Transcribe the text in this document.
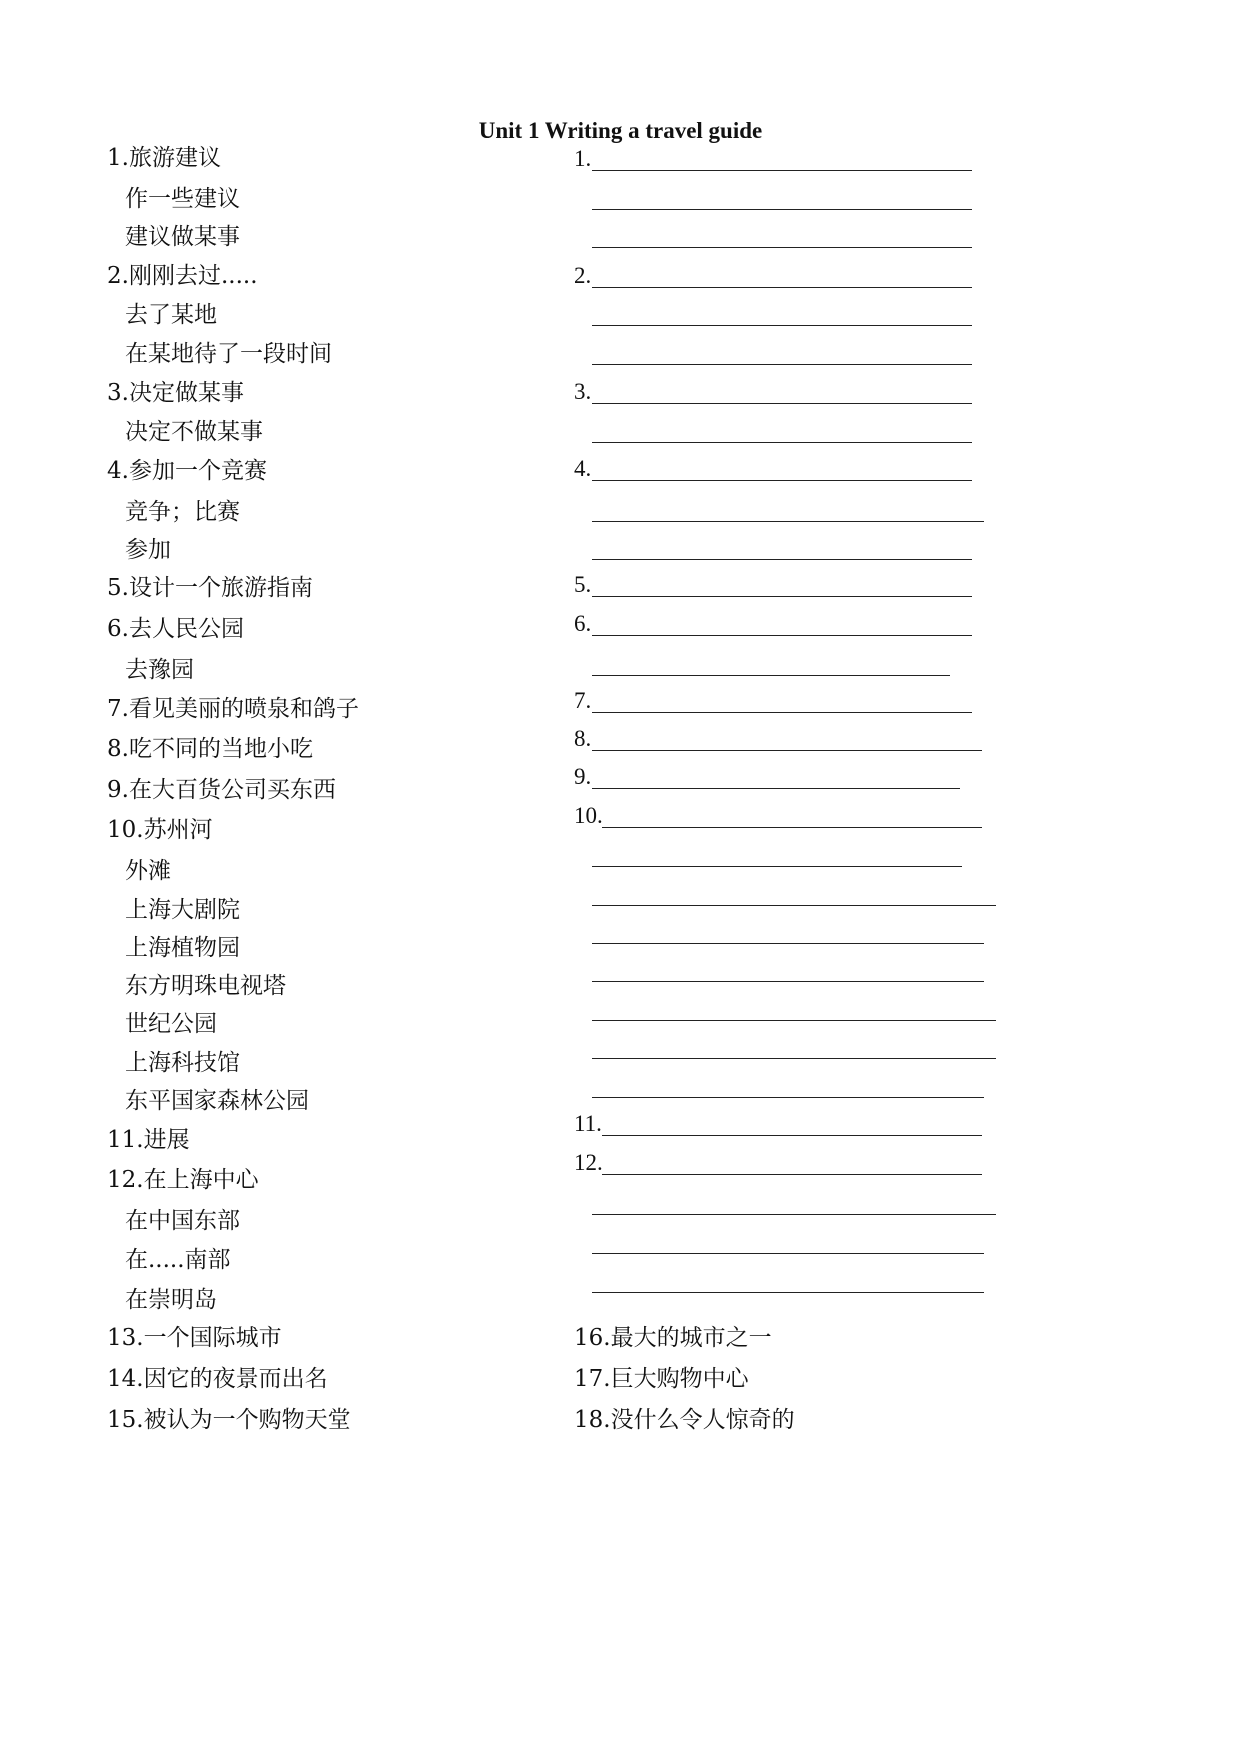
Unit 1 Writing a travel guide
1.旅游建议
作一些建议
建议做某事
2.刚刚去过.....
去了某地
在某地待了一段时间
3.决定做某事
决定不做某事
4.参加一个竞赛
竞争；比赛
参加
5.设计一个旅游指南
6.去人民公园
去豫园
7.看见美丽的喷泉和鸽子
8.吃不同的当地小吃
9.在大百货公司买东西
10.苏州河
外滩
上海大剧院
上海植物园
东方明珠电视塔
世纪公园
上海科技馆
东平国家森林公园
11.进展
12.在上海中心
在中国东部
在.....南部
在崇明岛
13.一个国际城市
14.因它的夜景而出名
15.被认为一个购物天堂
1.
2.
3.
4.
5.
6.
7.
8.
9.
10.
11.
12.
16.最大的城市之一
17.巨大购物中心
18.没什么令人惊奇的
